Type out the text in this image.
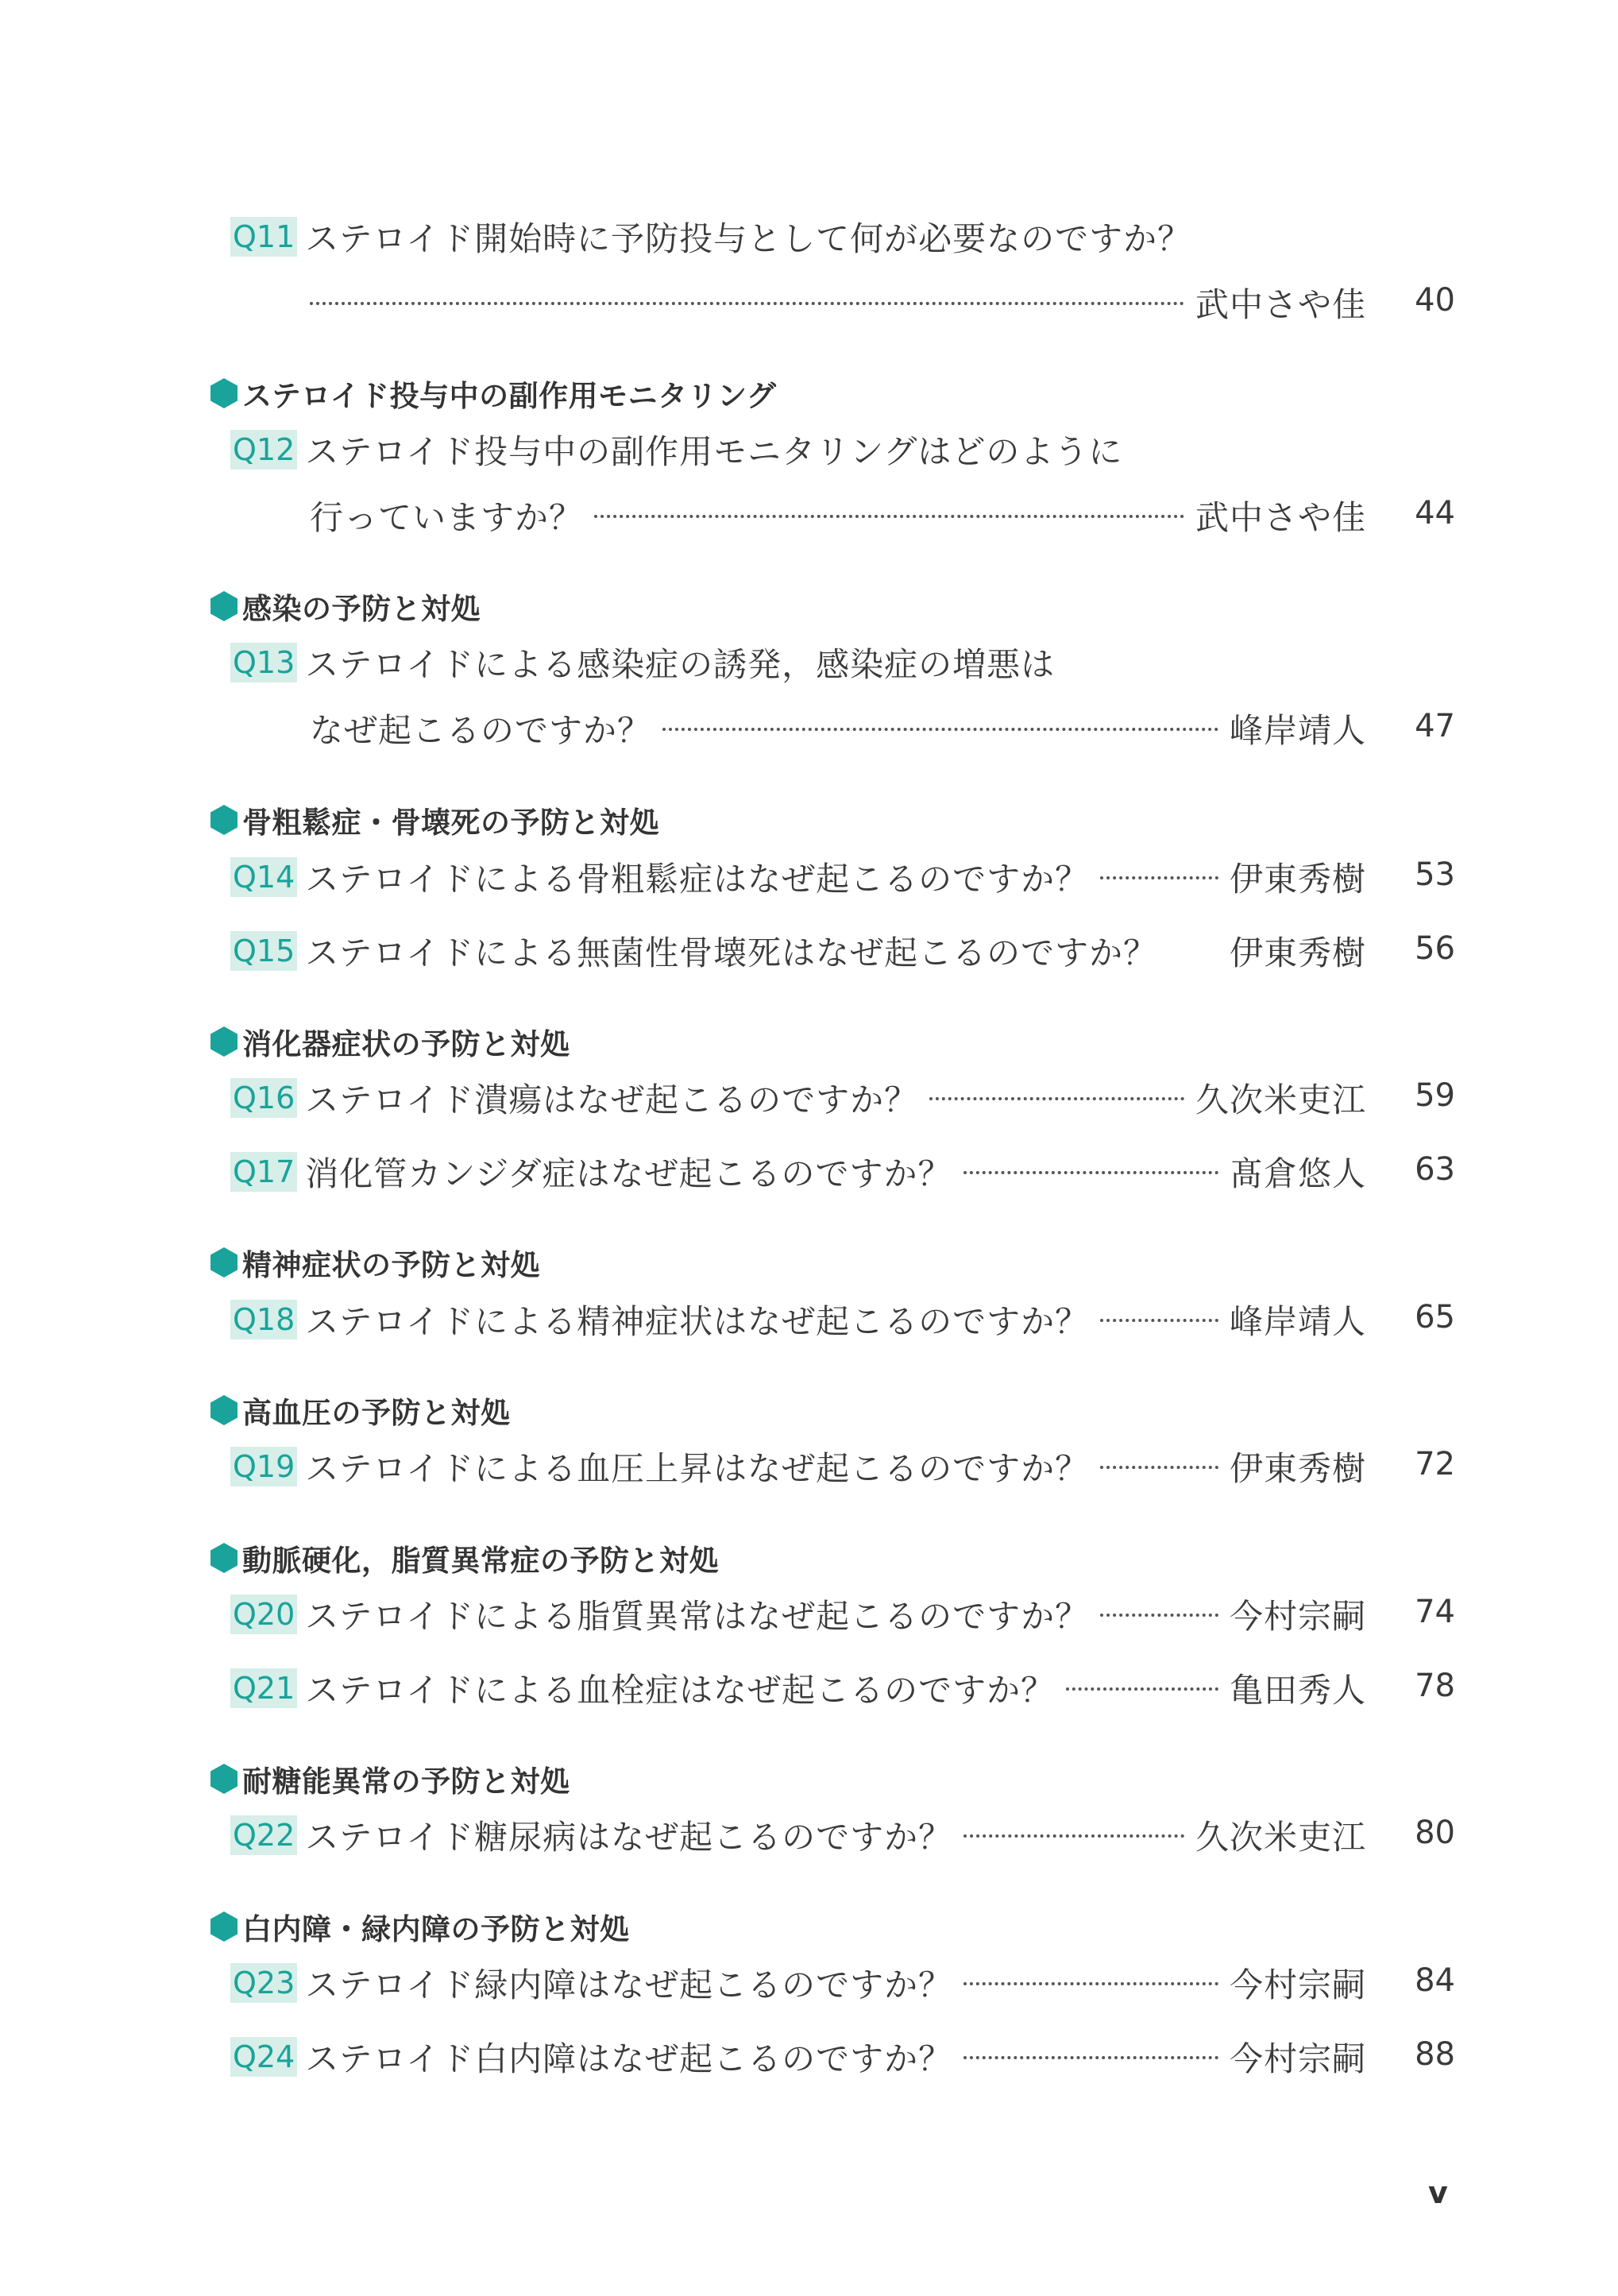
Q11 ステロイド開始時に予防投与として何が必要なのですか？
武中さや佳	40
ステロイド投与中の副作用モニタリング
Q12 ステロイド投与中の副作用モニタリングはどのように
行っていますか？	武中さや佳	44
感染の予防と対処
Q13 ステロイドによる感染症の誘発，感染症の増悪は
なぜ起こるのですか？	峰岸靖人	47
骨粗鬆症・骨壊死の予防と対処
Q14 ステロイドによる骨粗鬆症はなぜ起こるのですか？	伊東秀樹	53
Q15 ステロイドによる無菌性骨壊死はなぜ起こるのですか？ 伊東秀樹	56
消化器症状の予防と対処
Q16 ステロイド潰瘍はなぜ起こるのですか？	久次米吏江	59
Q17 消化管カンジダ症はなぜ起こるのですか？	髙倉悠人	63
精神症状の予防と対処
Q18 ステロイドによる精神症状はなぜ起こるのですか？	峰岸靖人	65
高血圧の予防と対処
Q19 ステロイドによる血圧上昇はなぜ起こるのですか？	伊東秀樹	72
動脈硬化，脂質異常症の予防と対処
Q20 ステロイドによる脂質異常はなぜ起こるのですか？	今村宗嗣	74
Q21 ステロイドによる血栓症はなぜ起こるのですか？	亀田秀人	78
耐糖能異常の予防と対処
Q22 ステロイド糖尿病はなぜ起こるのですか？	久次米吏江	80
白内障・緑内障の予防と対処
Q23 ステロイド緑内障はなぜ起こるのですか？	今村宗嗣	84
Q24 ステロイド白内障はなぜ起こるのですか？	今村宗嗣	88
v
